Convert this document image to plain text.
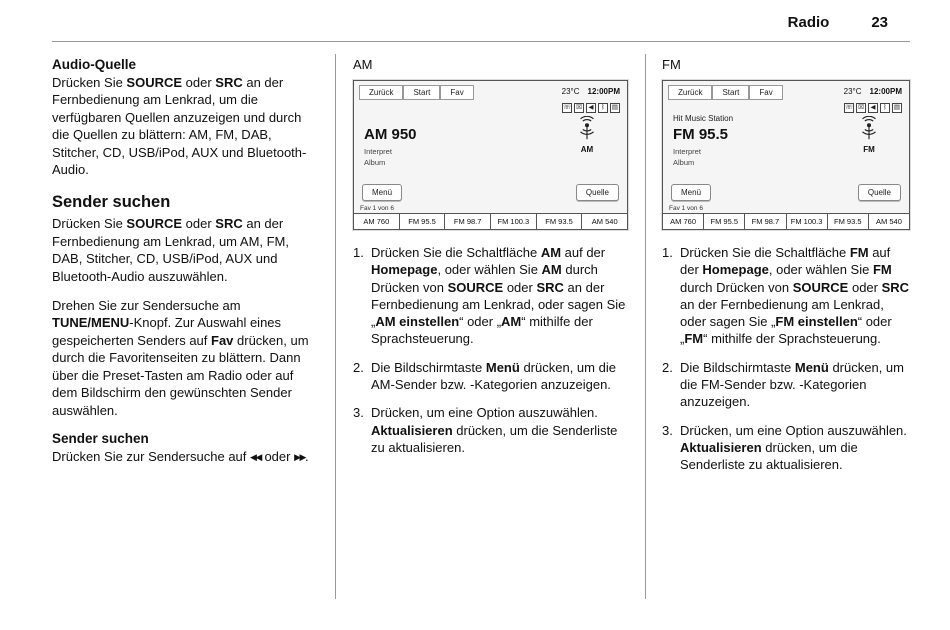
Radio	23
Audio-Quelle

Drücken Sie SOURCE oder SRC an der Fernbedienung am Lenkrad, um die verfügbaren Quellen anzuzeigen und durch die Quellen zu blättern: AM, FM, DAB, Stitcher, CD, USB/iPod, AUX und Bluetooth-Audio.

Sender suchen

Drücken Sie SOURCE oder SRC an der Fernbedienung am Lenkrad, um AM, FM, DAB, Stitcher, CD, USB/iPod, AUX und Bluetooth-Audio auszuwählen.

Drehen Sie zur Sendersuche am TUNE/MENU-Knopf. Zur Auswahl eines gespeicherten Senders auf Fav drücken, um durch die Favoritenseiten zu blättern. Dann über die Preset-Tasten am Radio oder auf dem Bildschirm den gewünschten Sender auswählen.

Sender suchen

Drücken Sie zur Sendersuche auf ◀◀ oder ▶▶.

AM
Zurück	Start	Fav	23°C 12:00PM
☏ ☒	◀	ᛒ	▤
AM 950
Interpret
Album
AM
Menü	Quelle
Fav 1 von 6
AM 760	FM 95.5	FM 98.7	FM 100.3	FM 93.5	AM 540
1. Drücken Sie die Schaltfläche AM auf der Homepage, oder wählen Sie AM durch Drücken von SOURCE oder SRC an der Fernbedienung am Lenkrad, oder sagen Sie „AM einstellen“ oder „AM“ mithilfe der Sprachsteuerung.
2. Die Bildschirmtaste Menü drücken, um die AM-Sender bzw. -Kategorien anzuzeigen.
3. Drücken, um eine Option auszuwählen. Aktualisieren drücken, um die Senderliste zu aktualisieren.
FM
Zurück	Start	Fav	23°C 12:00PM
☏ ☒	◀	ᛒ	▤
Hit Music Station
FM 95.5
Interpret
Album
FM
Menü	Quelle
Fav 1 von 6
AM 760	FM 95.5	FM 98.7	FM 100.3	FM 93.5	AM 540
1. Drücken Sie die Schaltfläche FM auf der Homepage, oder wählen Sie FM durch Drücken von SOURCE oder SRC an der Fernbedienung am Lenkrad, oder sagen Sie „FM einstellen“ oder „FM“ mithilfe der Sprachsteuerung.
2. Die Bildschirmtaste Menü drücken, um die FM-Sender bzw. -Kategorien anzuzeigen.
3. Drücken, um eine Option auszuwählen. Aktualisieren drücken, um die Senderliste zu aktualisieren.
